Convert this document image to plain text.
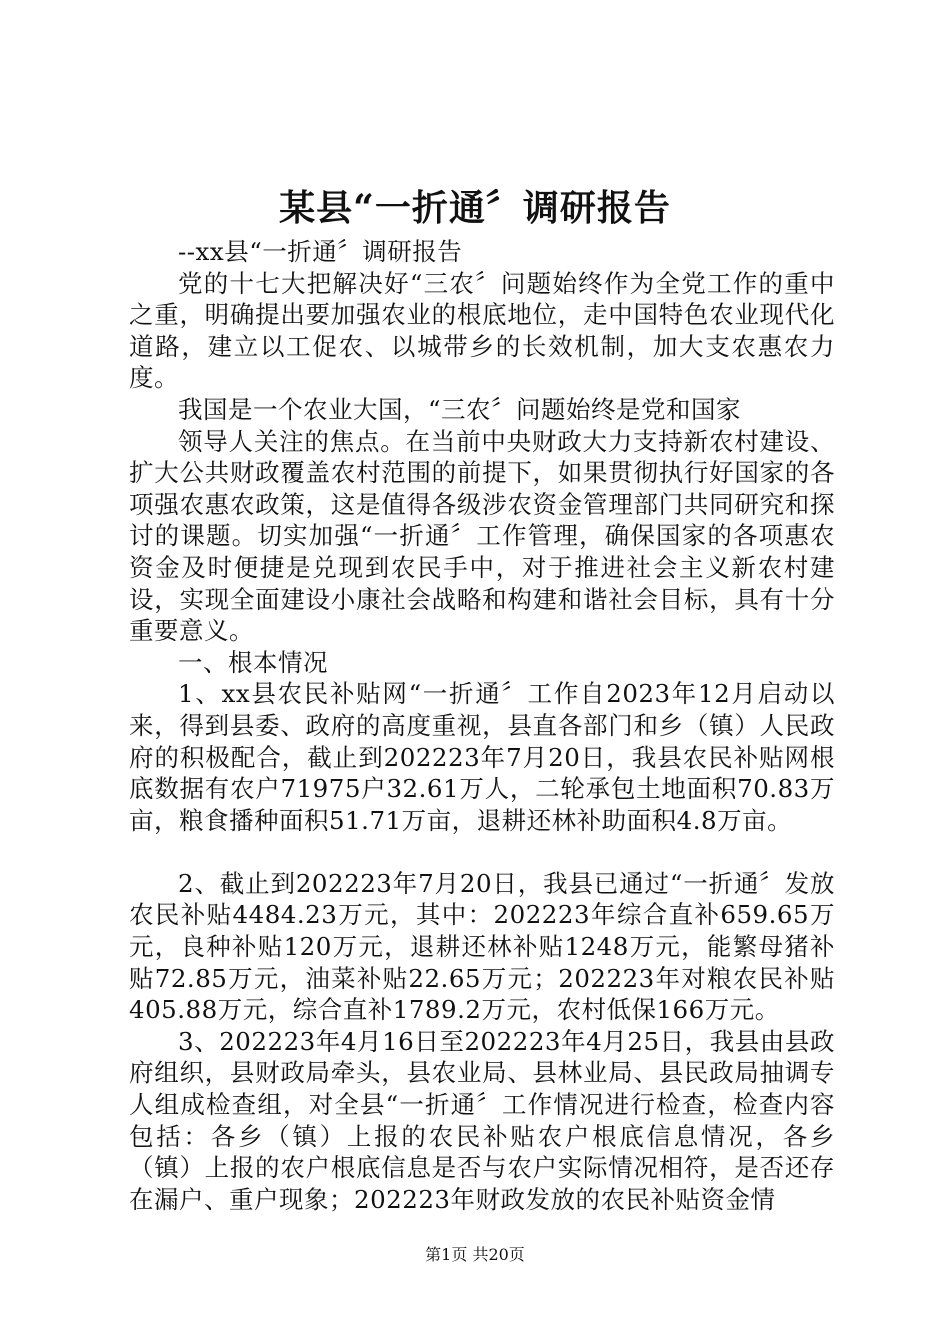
某县“一折通〞调研报告

--xx县“一折通〞调研报告

党的十七大把解决好“三农〞问题始终作为全党工作的重中之重，明确提出要加强农业的根底地位，走中国特色农业现代化道路，建立以工促农、以城带乡的长效机制，加大支农惠农力度。

我国是一个农业大国，“三农〞问题始终是党和国家

领导人关注的焦点。在当前中央财政大力支持新农村建设、扩大公共财政覆盖农村范围的前提下，如果贯彻执行好国家的各项强农惠农政策，这是值得各级涉农资金管理部门共同研究和探讨的课题。切实加强“一折通〞工作管理，确保国家的各项惠农资金及时便捷是兑现到农民手中，对于推进社会主义新农村建设，实现全面建设小康社会战略和构建和谐社会目标，具有十分重要意义。

一、根本情况

1、xx县农民补贴网“一折通〞工作自2023年12月启动以来，得到县委、政府的高度重视，县直各部门和乡（镇）人民政府的积极配合，截止到202223年7月20日，我县农民补贴网根底数据有农户71975户32.61万人，二轮承包土地面积70.83万亩，粮食播种面积51.71万亩，退耕还林补助面积4.8万亩。

2、截止到202223年7月20日，我县已通过“一折通〞发放农民补贴4484.23万元，其中：202223年综合直补659.65万元，良种补贴120万元，退耕还林补贴1248万元，能繁母猪补贴72.85万元，油菜补贴22.65万元；202223年对粮农民补贴405.88万元，综合直补1789.2万元，农村低保166万元。

3、202223年4月16日至202223年4月25日，我县由县政府组织，县财政局牵头，县农业局、县林业局、县民政局抽调专人组成检查组，对全县“一折通〞工作情况进行检查，检查内容包括：各乡（镇）上报的农民补贴农户根底信息情况，各乡（镇）上报的农户根底信息是否与农户实际情况相符，是否还存在漏户、重户现象；202223年财政发放的农民补贴资金情

第1页 共20页
